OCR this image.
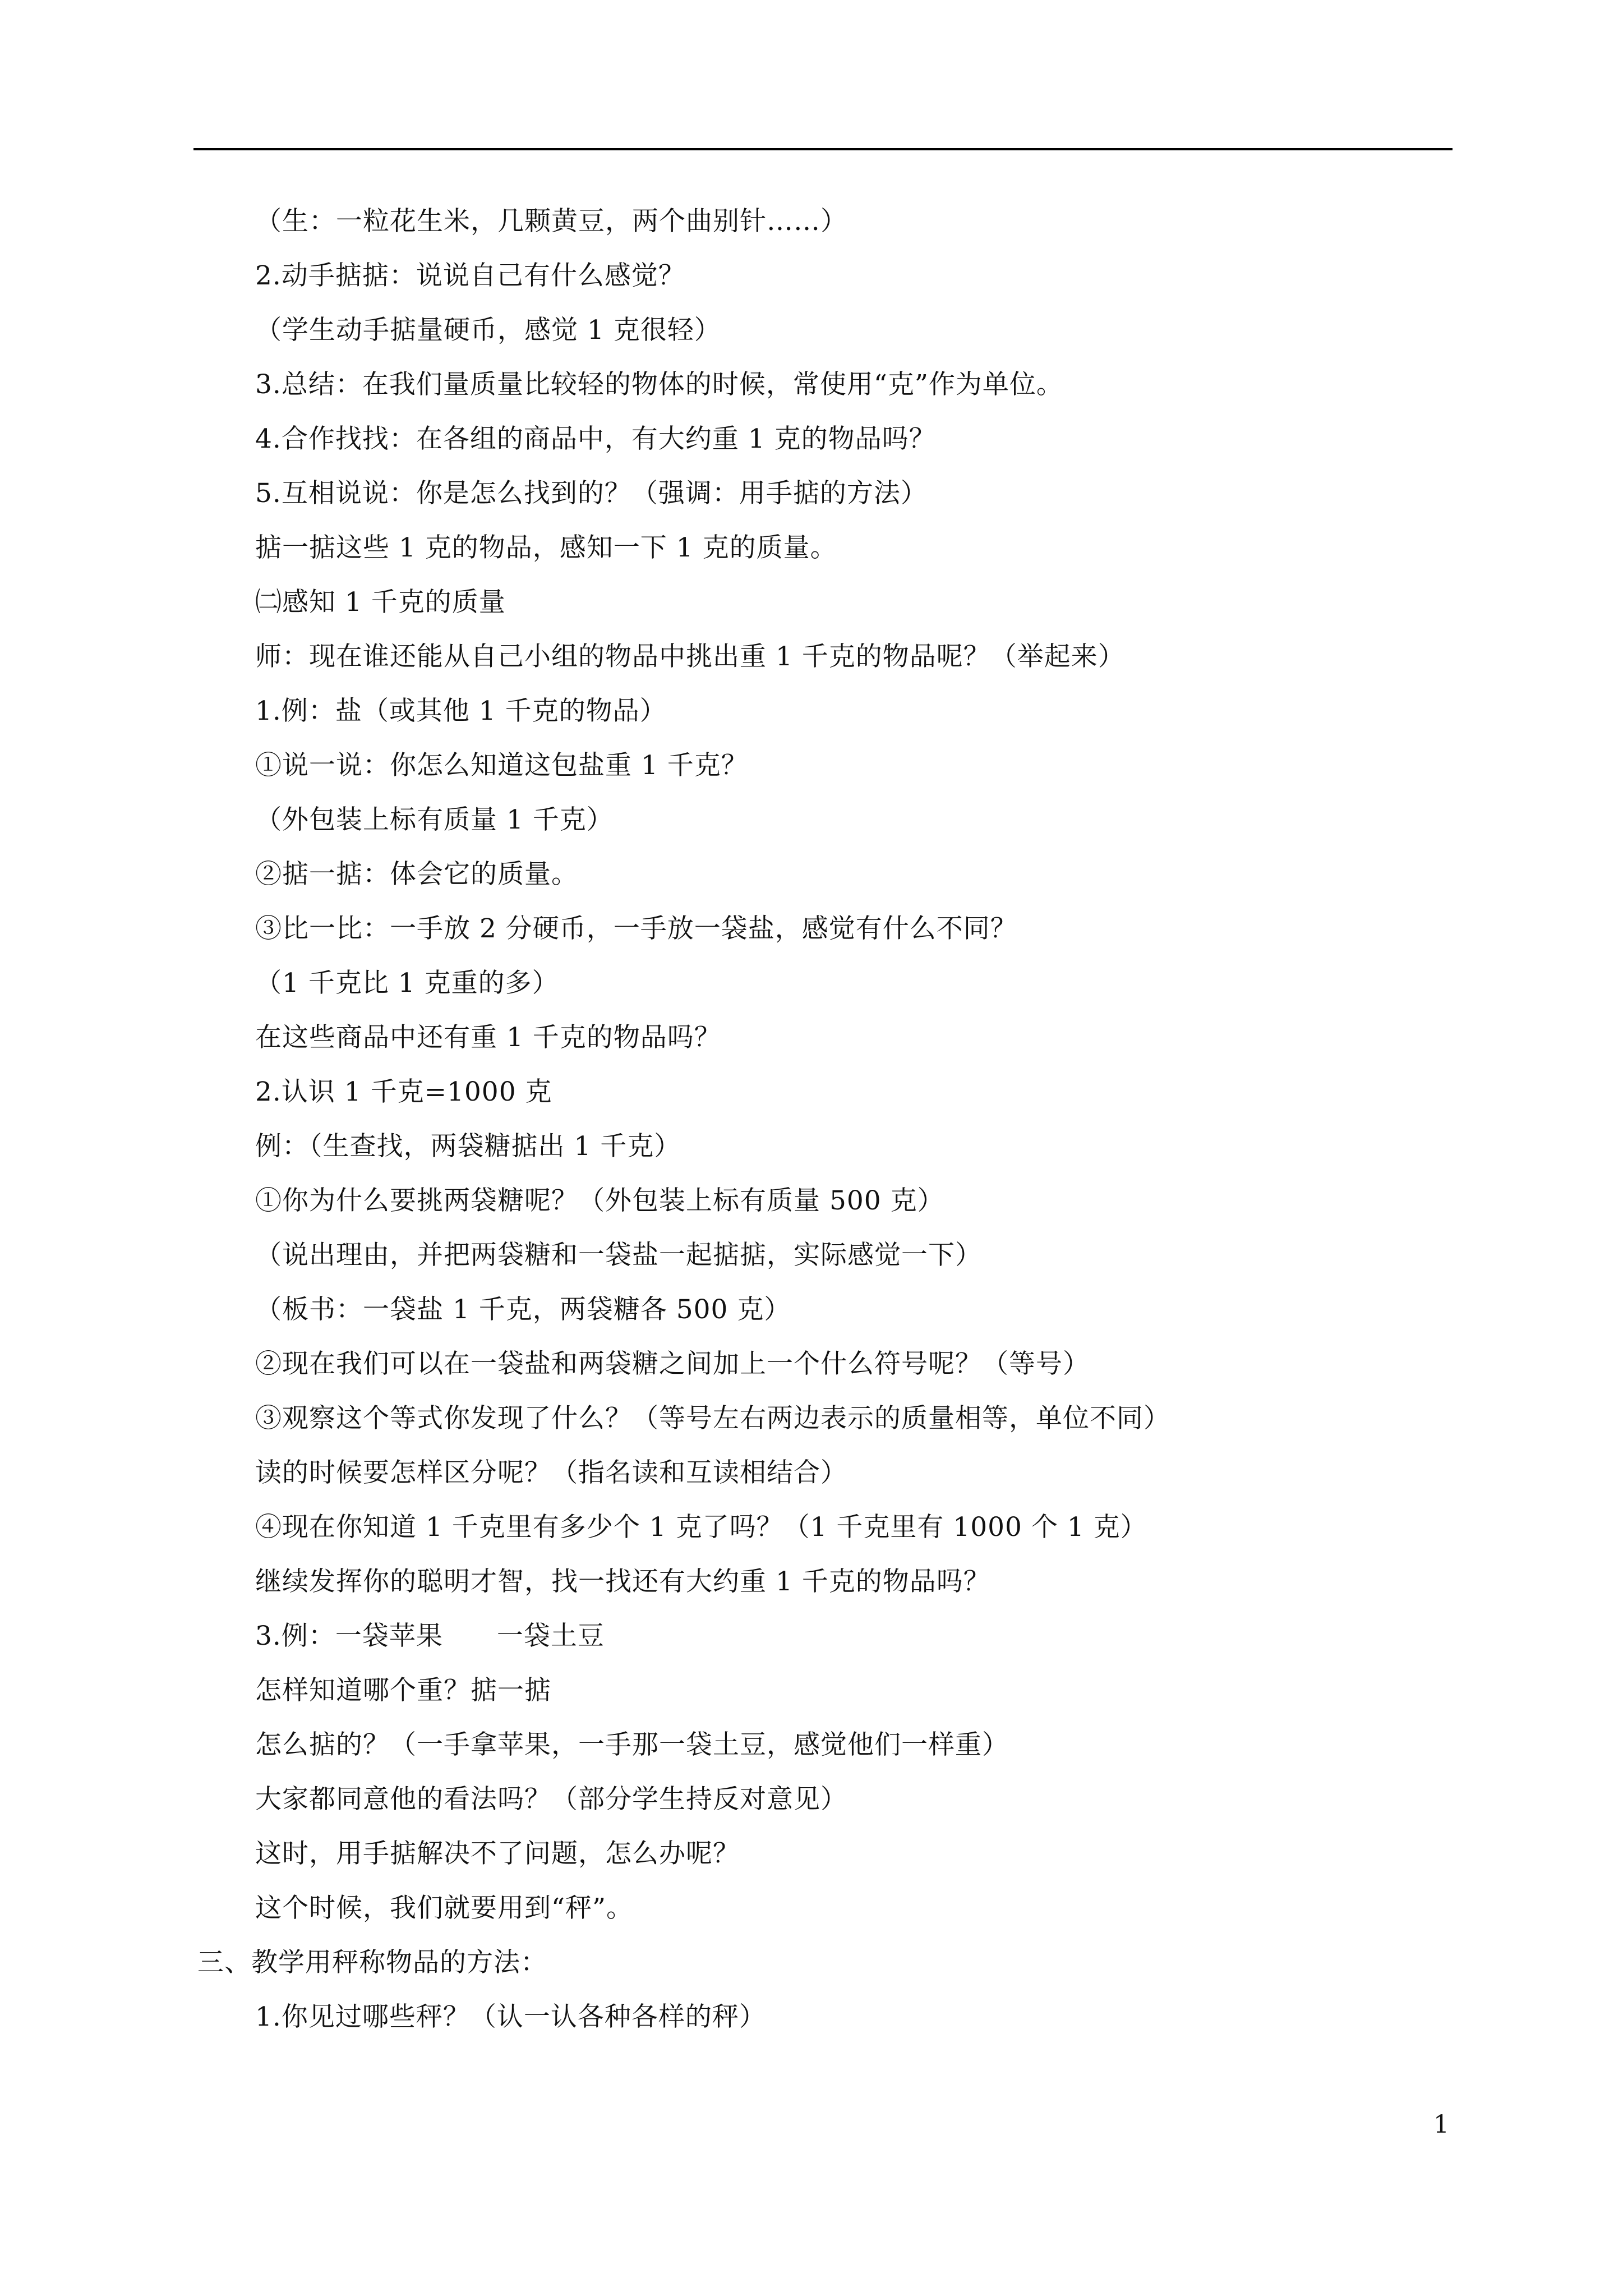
（生：一粒花生米，几颗黄豆，两个曲别针……）
2.动手掂掂：说说自己有什么感觉？
（学生动手掂量硬币，感觉 1 克很轻）
3.总结：在我们量质量比较轻的物体的时候，常使用“克”作为单位。
4.合作找找：在各组的商品中，有大约重 1 克的物品吗？
5.互相说说：你是怎么找到的？（强调：用手掂的方法）
掂一掂这些 1 克的物品，感知一下 1 克的质量。
㈡感知 1 千克的质量
师：现在谁还能从自己小组的物品中挑出重 1 千克的物品呢？（举起来）
1.例：盐（或其他 1 千克的物品）
①说一说：你怎么知道这包盐重 1 千克？
（外包装上标有质量 1 千克）
②掂一掂：体会它的质量。
③比一比：一手放 2 分硬币，一手放一袋盐，感觉有什么不同？
（1 千克比 1 克重的多）
在这些商品中还有重 1 千克的物品吗？
2.认识 1 千克=1000 克
例：（生查找，两袋糖掂出 1 千克）
①你为什么要挑两袋糖呢？（外包装上标有质量 500 克）
（说出理由，并把两袋糖和一袋盐一起掂掂，实际感觉一下）
（板书：一袋盐 1 千克，两袋糖各 500 克）
②现在我们可以在一袋盐和两袋糖之间加上一个什么符号呢？（等号）
③观察这个等式你发现了什么？（等号左右两边表示的质量相等，单位不同）
读的时候要怎样区分呢？（指名读和互读相结合）
④现在你知道 1 千克里有多少个 1 克了吗？（1 千克里有 1000 个 1 克）
继续发挥你的聪明才智，找一找还有大约重 1 千克的物品吗？
3.例：一袋苹果　　一袋土豆
怎样知道哪个重？掂一掂
怎么掂的？（一手拿苹果，一手那一袋土豆，感觉他们一样重）
大家都同意他的看法吗？（部分学生持反对意见）
这时，用手掂解决不了问题，怎么办呢？
这个时候，我们就要用到“秤”。
三、教学用秤称物品的方法：
1.你见过哪些秤？（认一认各种各样的秤）
1
